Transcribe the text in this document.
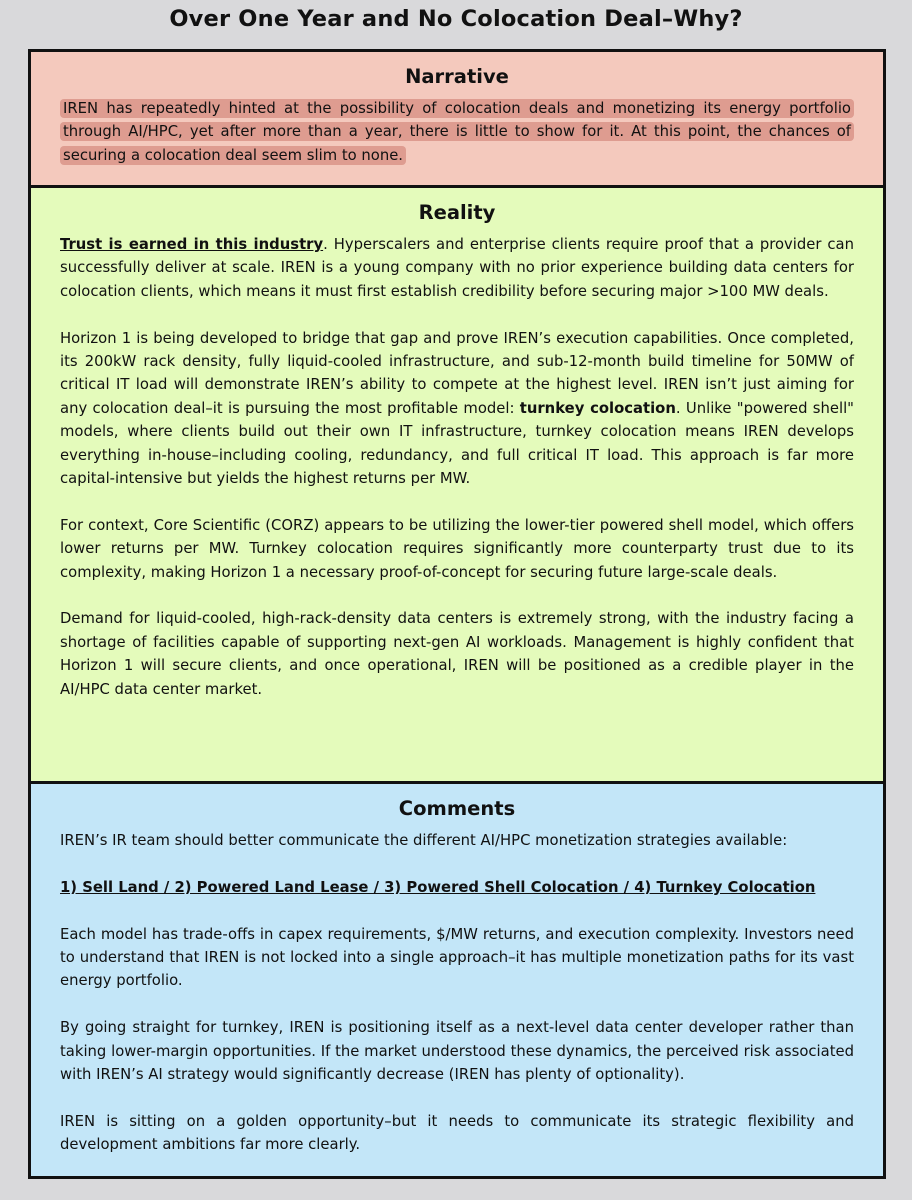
Over One Year and No Colocation Deal–Why?
Narrative

IREN has repeatedly hinted at the possibility of colocation deals and monetizing its energy portfolio through AI/HPC, yet after more than a year, there is little to show for it. At this point, the chances of securing a colocation deal seem slim to none.

Reality

Trust is earned in this industry. Hyperscalers and enterprise clients require proof that a provider can successfully deliver at scale. IREN is a young company with no prior experience building data centers for colocation clients, which means it must first establish credibility before securing major >100 MW deals.

Horizon 1 is being developed to bridge that gap and prove IREN’s execution capabilities. Once completed, its 200kW rack density, fully liquid-cooled infrastructure, and sub-12-month build timeline for 50MW of critical IT load will demonstrate IREN’s ability to compete at the highest level. IREN isn’t just aiming for any colocation deal–it is pursuing the most profitable model: turnkey colocation. Unlike "powered shell" models, where clients build out their own IT infrastructure, turnkey colocation means IREN develops everything in-house–including cooling, redundancy, and full critical IT load. This approach is far more capital-intensive but yields the highest returns per MW.

For context, Core Scientific (CORZ) appears to be utilizing the lower-tier powered shell model, which offers lower returns per MW. Turnkey colocation requires significantly more counterparty trust due to its complexity, making Horizon 1 a necessary proof-of-concept for securing future large-scale deals.

Demand for liquid-cooled, high-rack-density data centers is extremely strong, with the industry facing a shortage of facilities capable of supporting next-gen AI workloads. Management is highly confident that Horizon 1 will secure clients, and once operational, IREN will be positioned as a credible player in the AI/HPC data center market.

Comments

IREN’s IR team should better communicate the different AI/HPC monetization strategies available:

1) Sell Land / 2) Powered Land Lease / 3) Powered Shell Colocation / 4) Turnkey Colocation

Each model has trade-offs in capex requirements, $/MW returns, and execution complexity. Investors need to understand that IREN is not locked into a single approach–it has multiple monetization paths for its vast energy portfolio.

By going straight for turnkey, IREN is positioning itself as a next-level data center developer rather than taking lower-margin opportunities. If the market understood these dynamics, the perceived risk associated with IREN’s AI strategy would significantly decrease (IREN has plenty of optionality).

IREN is sitting on a golden opportunity–but it needs to communicate its strategic flexibility and development ambitions far more clearly.
